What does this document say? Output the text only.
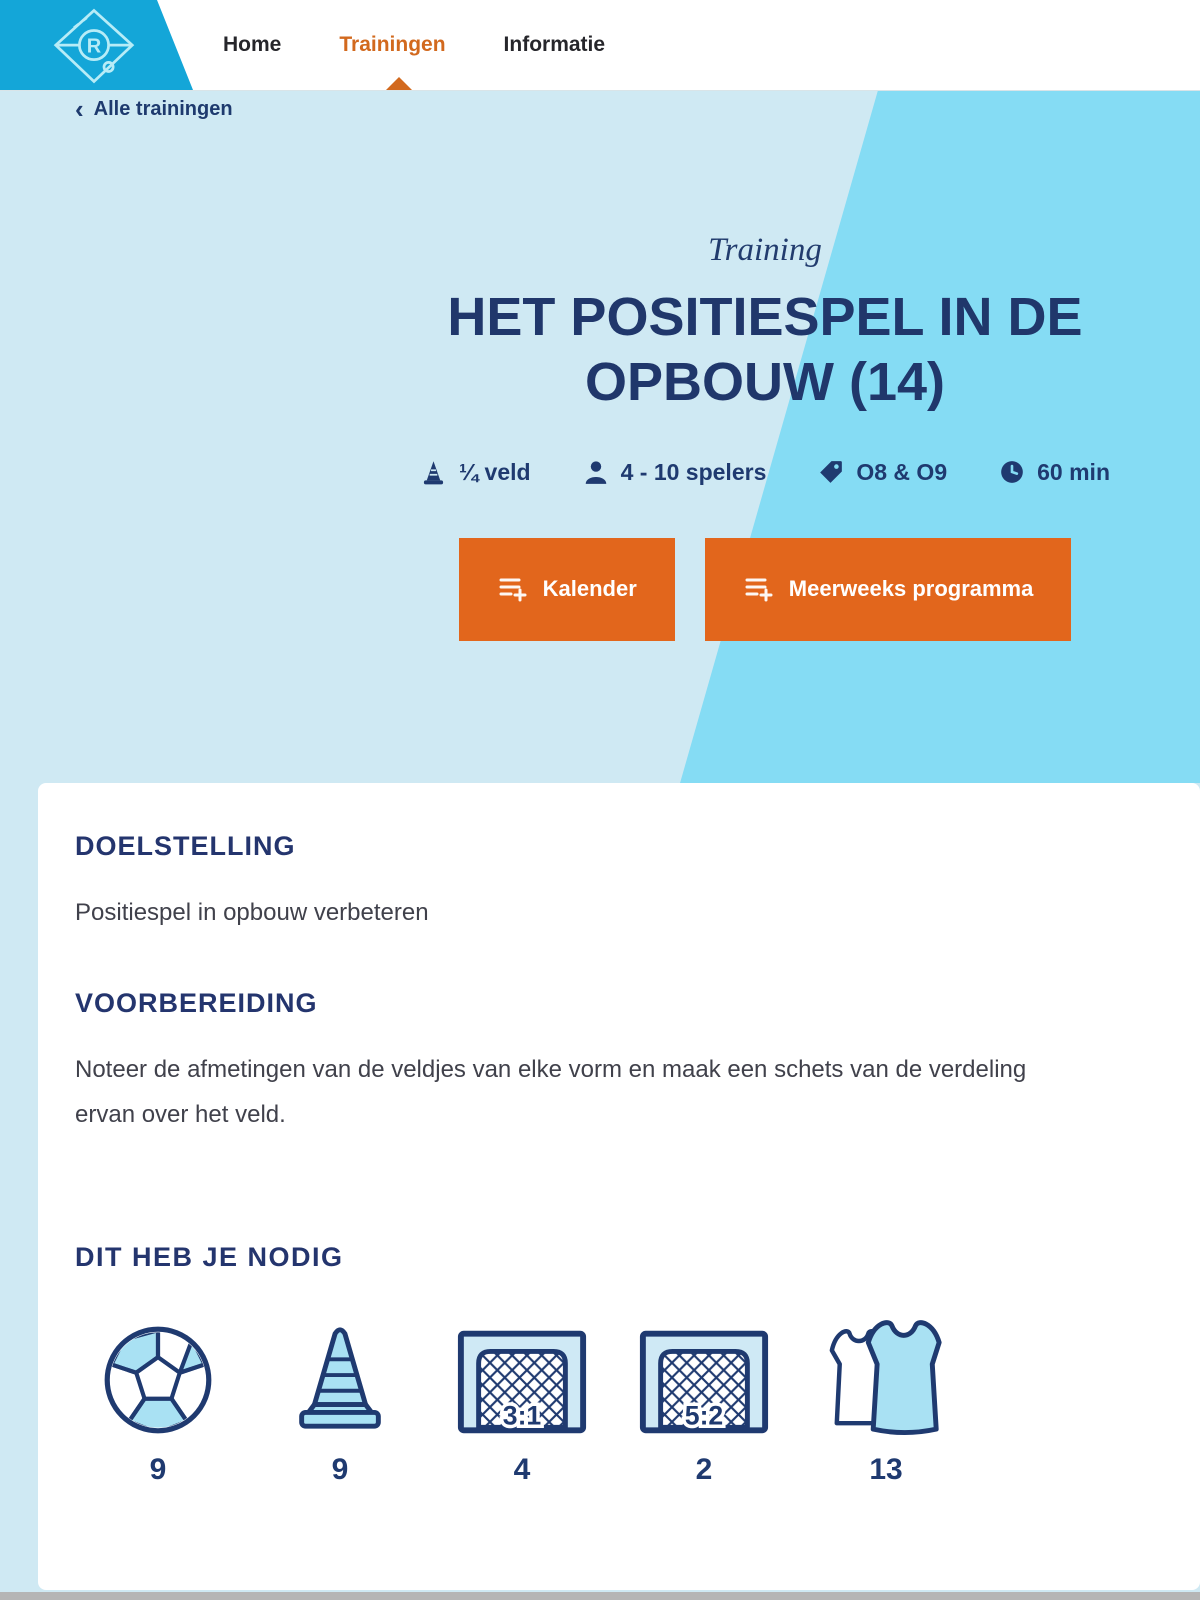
R	Home	Trainingen	Informatie
‹ Alle trainingen
Training
HET POSITIESPEL IN DE OPBOUW (14)
¼ veld	4 - 10 spelers	O8 & O9	60 min
Kalender	Meerweeks programma
DOELSTELLING

Positiespel in opbouw verbeteren

VOORBEREIDING

Noteer de afmetingen van de veldjes van elke vorm en maak een schets van de verdeling ervan over het veld.

DIT HEB JE NODIG
9	9
3:1
4
5:2
2	13
